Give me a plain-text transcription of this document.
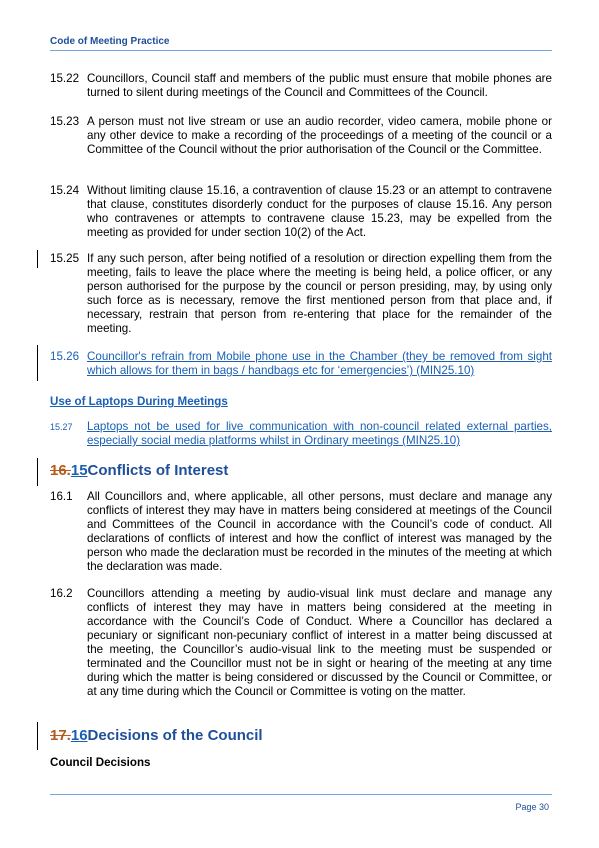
Code of Meeting Practice
15.22 Councillors, Council staff and members of the public must ensure that mobile phones are turned to silent during meetings of the Council and Committees of the Council.
15.23 A person must not live stream or use an audio recorder, video camera, mobile phone or any other device to make a recording of the proceedings of a meeting of the council or a Committee of the Council without the prior authorisation of the Council or the Committee.
15.24 Without limiting clause 15.16, a contravention of clause 15.23 or an attempt to contravene that clause, constitutes disorderly conduct for the purposes of clause 15.16. Any person who contravenes or attempts to contravene clause 15.23, may be expelled from the meeting as provided for under section 10(2) of the Act.
15.25 If any such person, after being notified of a resolution or direction expelling them from the meeting, fails to leave the place where the meeting is being held, a police officer, or any person authorised for the purpose by the council or person presiding, may, by using only such force as is necessary, remove the first mentioned person from that place and, if necessary, restrain that person from re-entering that place for the remainder of the meeting.
15.26 Councillor's refrain from Mobile phone use in the Chamber (they be removed from sight which allows for them in bags / handbags etc for ‘emergencies’) (MIN25.10)
Use of Laptops During Meetings
15.27 Laptops not be used for live communication with non-council related external parties, especially social media platforms whilst in Ordinary meetings (MIN25.10)
16.15Conflicts of Interest
16.1 All Councillors and, where applicable, all other persons, must declare and manage any conflicts of interest they may have in matters being considered at meetings of the Council and Committees of the Council in accordance with the Council’s code of conduct. All declarations of conflicts of interest and how the conflict of interest was managed by the person who made the declaration must be recorded in the minutes of the meeting at which the declaration was made.
16.2 Councillors attending a meeting by audio-visual link must declare and manage any conflicts of interest they may have in matters being considered at the meeting in accordance with the Council’s Code of Conduct. Where a Councillor has declared a pecuniary or significant non-pecuniary conflict of interest in a matter being discussed at the meeting, the Councillor’s audio-visual link to the meeting must be suspended or terminated and the Councillor must not be in sight or hearing of the meeting at any time during which the matter is being considered or discussed by the Council or Committee, or at any time during which the Council or Committee is voting on the matter.
17.16Decisions of the Council
Council Decisions
Page 30
